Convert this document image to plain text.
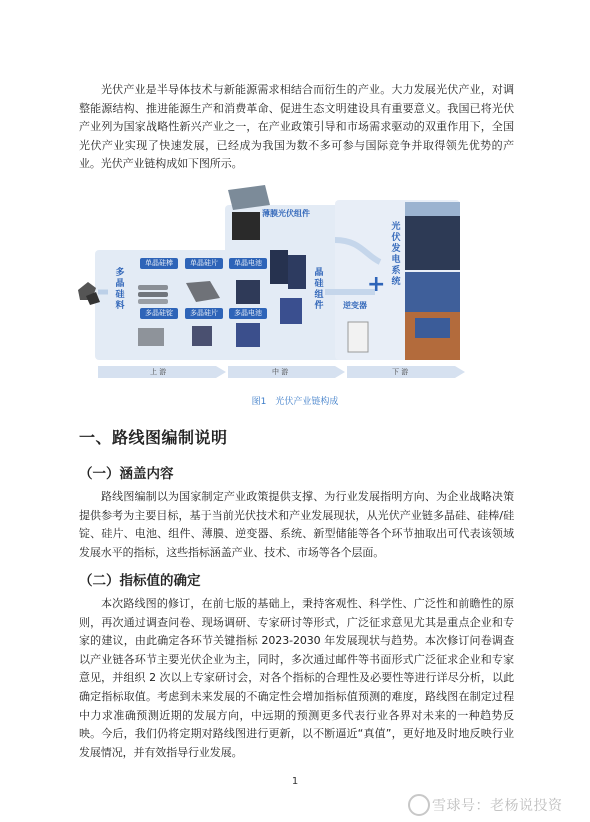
光伏产业是半导体技术与新能源需求相结合而衍生的产业。大力发展光伏产业，对调整能源结构、推进能源生产和消费革命、促进生态文明建设具有重要意义。我国已将光伏产业列为国家战略性新兴产业之一，在产业政策引导和市场需求驱动的双重作用下，全国光伏产业实现了快速发展，已经成为我国为数不多可参与国际竞争并取得领先优势的产业。光伏产业链构成如下图所示。
多晶硅料
单晶硅棒	单晶硅片	单晶电池
多晶硅锭	多晶硅片	多晶电池
薄膜光伏组件
晶硅组件
+
逆变器
光伏发电系统
上 游	中 游	下 游
图1　光伏产业链构成
一、路线图编制说明
（一）涵盖内容
路线图编制以为国家制定产业政策提供支撑、为行业发展指明方向、为企业战略决策提供参考为主要目标，基于当前光伏技术和产业发展现状，从光伏产业链多晶硅、硅棒/硅锭、硅片、电池、组件、薄膜、逆变器、系统、新型储能等各个环节抽取出可代表该领域发展水平的指标，这些指标涵盖产业、技术、市场等各个层面。
（二）指标值的确定
本次路线图的修订，在前七版的基础上，秉持客观性、科学性、广泛性和前瞻性的原则，再次通过调查问卷、现场调研、专家研讨等形式，广泛征求意见尤其是重点企业和专家的建议，由此确定各环节关键指标 2023-2030 年发展现状与趋势。本次修订问卷调查以产业链各环节主要光伏企业为主，同时，多次通过邮件等书面形式广泛征求企业和专家意见，并组织 2 次以上专家研讨会，对各个指标的合理性及必要性等进行详尽分析，以此确定指标取值。考虑到未来发展的不确定性会增加指标值预测的难度，路线图在制定过程中力求准确预测近期的发展方向，中远期的预测更多代表行业各界对未来的一种趋势反映。今后，我们仍将定期对路线图进行更新，以不断逼近“真值”，更好地及时地反映行业发展情况，并有效指导行业发展。
1
雪球号：老杨说投资
